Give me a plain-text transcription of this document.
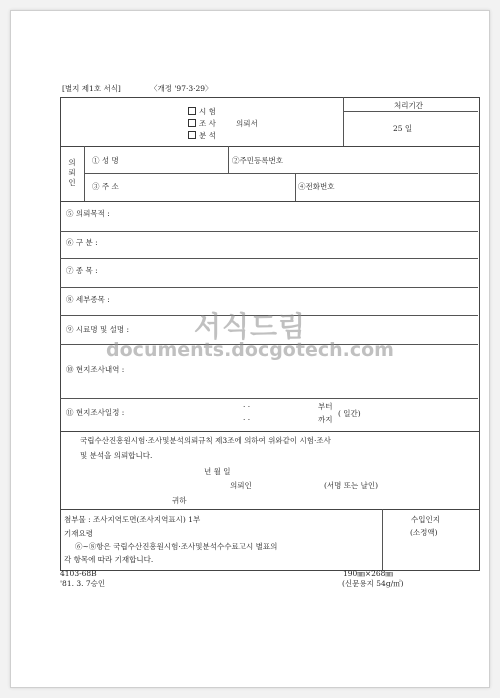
[별지 제1호 서식]	〈개정 '97·3·29〉
시 험
조 사
분 석
의뢰서
처리기간
25 일
의
뢰
인
① 성 명	②주민등록번호
③ 주 소	④전화번호
⑤ 의뢰목적 :
⑥ 구 분 :
⑦ 종 목 :
⑧ 세부종목 :
⑨ 시료명 및 설명 :
⑩ 현지조사내역 :
⑪ 현지조사일정 :
· ·	부터
· ·	까지
( 일간)
국립수산진흥원시험·조사및분석의뢰규칙 제3조에 의하여 위와같이 시험·조사
및 분석을 의뢰합니다.
년 월 일
의뢰인	(서명 또는 날인)
귀하
첨부물 : 조사지역도면(조사지역표시) 1부
기재요령
⑥~⑧항은 국립수산진흥원시험·조사및분석수수료고시 별표의
각 항목에 따라 기재합니다.
수입인지
(소정액)
4103-68B
'81. 3. 7승인
190㎜×268㎜
(신문용지 54g/㎡)
서식드림
documents.docgotech.com
